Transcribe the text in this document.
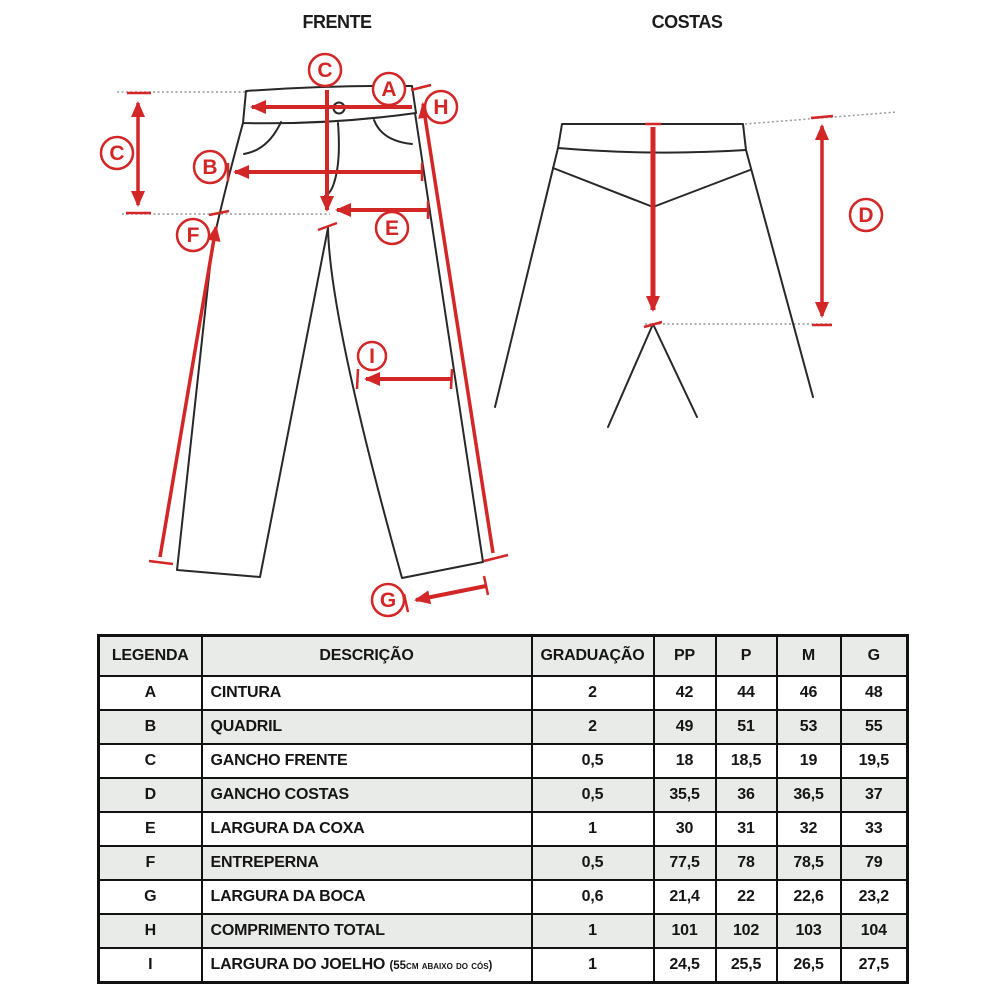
FRENTE	COSTAS
C
A
H
C
B
E
F
I
G
D
LEGENDA	DESCRIÇÃO	GRADUAÇÃO	PP	P	M	G
A	CINTURA	2	42	44	46	48
B	QUADRIL	2	49	51	53	55
C	GANCHO FRENTE	0,5	18	18,5	19	19,5
D	GANCHO COSTAS	0,5	35,5	36	36,5	37
E	LARGURA DA COXA	1	30	31	32	33
F	ENTREPERNA	0,5	77,5	78	78,5	79
G	LARGURA DA BOCA	0,6	21,4	22	22,6	23,2
H	COMPRIMENTO TOTAL	1	101	102	103	104
I	LARGURA DO JOELHO (55cm abaixo do cós)	1	24,5	25,5	26,5	27,5
